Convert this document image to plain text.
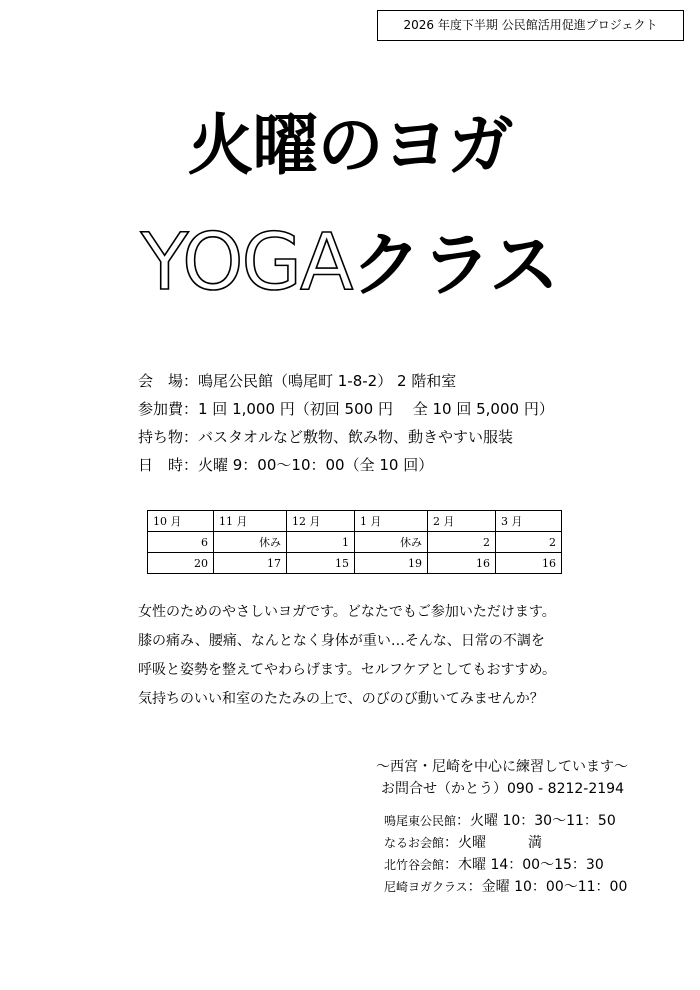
2026 年度下半期 公民館活用促進プロジェクト
火曜のヨガ
YOGAクラス
会　場：鳴尾公民館（鳴尾町 1-8-2） 2 階和室
参加費：1 回 1,000 円（初回 500 円　 全 10 回 5,000 円）
持ち物：バスタオルなど敷物、飲み物、動きやすい服装
日　時：火曜 9：00～10：00（全 10 回）
10 月	11 月	12 月	1 月	2 月	3 月
6	休み	1	休み	2	2
20	17	15	19	16	16
女性のためのやさしいヨガです。どなたでもご参加いただけます。
膝の痛み、腰痛、なんとなく身体が重い…そんな、日常の不調を
呼吸と姿勢を整えてやわらげます。セルフケアとしてもおすすめ。
気持ちのいい和室のたたみの上で、のびのび動いてみませんか？
～西宮・尼崎を中心に練習しています～
お問合せ（かとう）090 - 8212-2194
鳴尾東公民館：火曜 10：30～11：50
なるお会館：火曜　　　満
北竹谷会館：木曜 14：00～15：30
尼崎ヨガクラス：金曜 10：00～11：00
